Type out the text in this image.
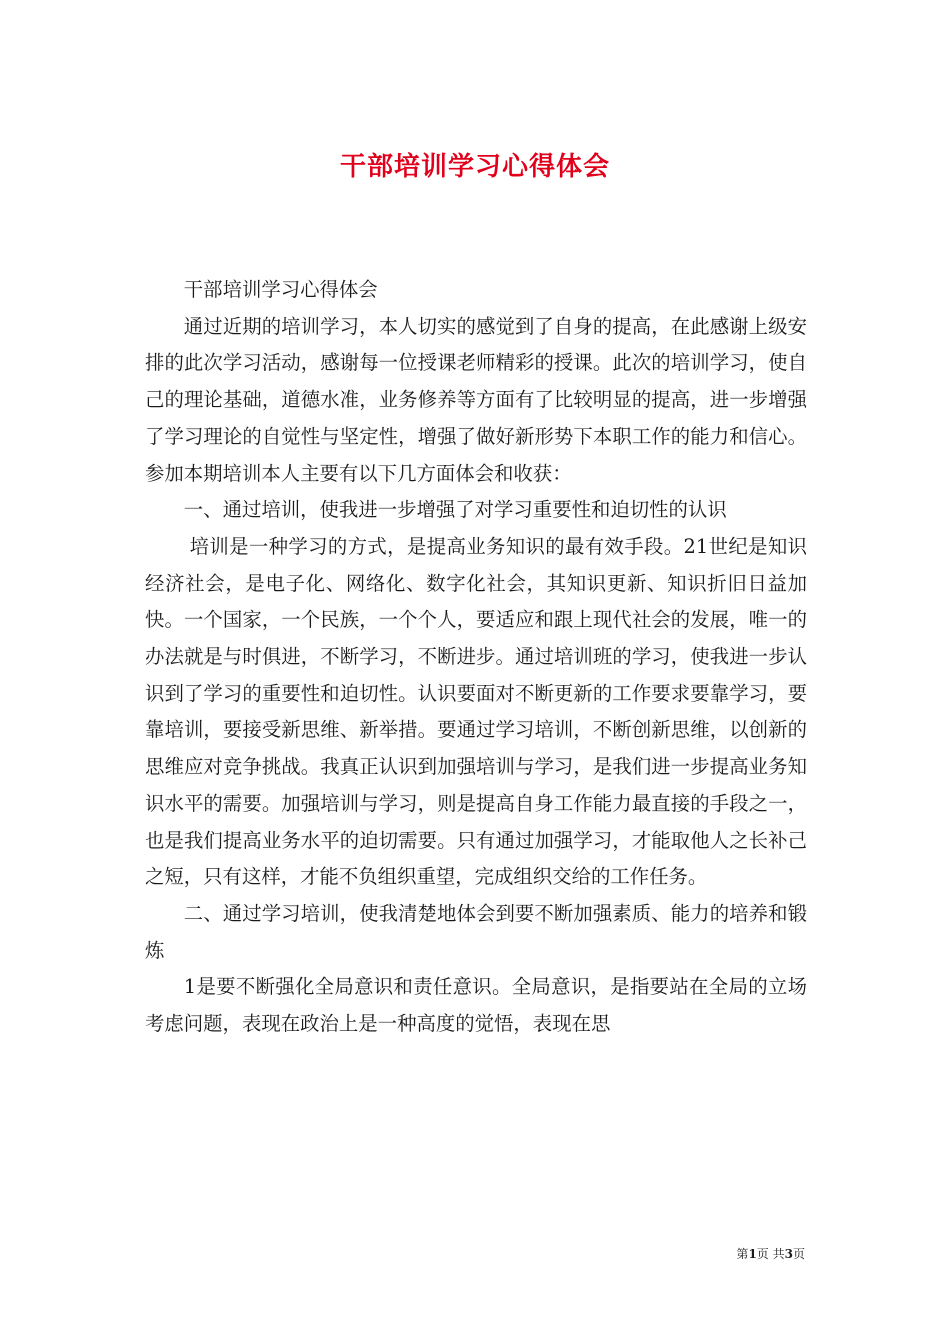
干部培训学习心得体会

干部培训学习心得体会

通过近期的培训学习，本人切实的感觉到了自身的提高，在此感谢上级安排的此次学习活动，感谢每一位授课老师精彩的授课。此次的培训学习，使自己的理论基础，道德水准，业务修养等方面有了比较明显的提高，进一步增强了学习理论的自觉性与坚定性，增强了做好新形势下本职工作的能力和信心。参加本期培训本人主要有以下几方面体会和收获：

一、通过培训，使我进一步增强了对学习重要性和迫切性的认识

培训是一种学习的方式，是提高业务知识的最有效手段。21世纪是知识经济社会，是电子化、网络化、数字化社会，其知识更新、知识折旧日益加快。一个国家，一个民族，一个个人，要适应和跟上现代社会的发展，唯一的办法就是与时俱进，不断学习，不断进步。通过培训班的学习，使我进一步认识到了学习的重要性和迫切性。认识要面对不断更新的工作要求要靠学习，要靠培训，要接受新思维、新举措。要通过学习培训，不断创新思维，以创新的思维应对竞争挑战。我真正认识到加强培训与学习，是我们进一步提高业务知识水平的需要。加强培训与学习，则是提高自身工作能力最直接的手段之一，也是我们提高业务水平的迫切需要。只有通过加强学习，才能取他人之长补己之短，只有这样，才能不负组织重望，完成组织交给的工作任务。

二、通过学习培训，使我清楚地体会到要不断加强素质、能力的培养和锻炼

1是要不断强化全局意识和责任意识。全局意识，是指要站在全局的立场考虑问题，表现在政治上是一种高度的觉悟，表现在思

第1页 共3页
